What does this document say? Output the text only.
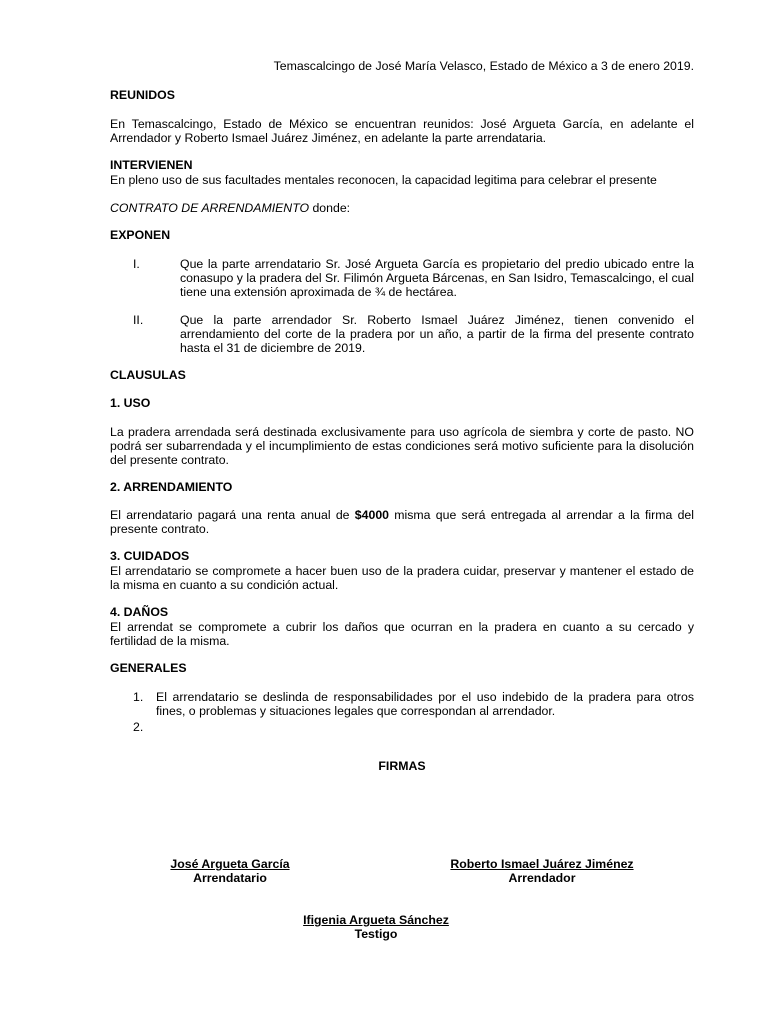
Temascalcingo de José María Velasco, Estado de México a 3 de enero 2019.
REUNIDOS
En Temascalcingo, Estado de México se encuentran reunidos: José Argueta García, en adelante el Arrendador y Roberto Ismael Juárez Jiménez, en adelante la parte arrendataria.
INTERVIENEN
En pleno uso de sus facultades mentales reconocen, la capacidad legitima para celebrar el presente
CONTRATO DE ARRENDAMIENTO donde:
EXPONEN
I.	Que la parte arrendatario Sr. José Argueta García es propietario del predio ubicado entre la conasupo y la pradera del Sr. Filimón Argueta Bárcenas, en San Isidro, Temascalcingo, el cual tiene una extensión aproximada de ¾ de hectárea.
II.	Que la parte arrendador Sr. Roberto Ismael Juárez Jiménez, tienen convenido el arrendamiento del corte de la pradera por un año, a partir de la firma del presente contrato hasta el 31 de diciembre de 2019.
CLAUSULAS
1. USO
La pradera arrendada será destinada exclusivamente para uso agrícola de siembra y corte de pasto. NO podrá ser subarrendada y el incumplimiento de estas condiciones será motivo suficiente para la disolución del presente contrato.
2. ARRENDAMIENTO
El arrendatario pagará una renta anual de $4000 misma que será entregada al arrendar a la firma del presente contrato.
3. CUIDADOS
El arrendatario se compromete a hacer buen uso de la pradera cuidar, preservar y mantener el estado de la misma en cuanto a su condición actual.
4. DAÑOS
El arrendat se compromete a cubrir los daños que ocurran en la pradera en cuanto a su cercado y fertilidad de la misma.
GENERALES
1. El arrendatario se deslinda de responsabilidades por el uso indebido de la pradera para otros fines, o problemas y situaciones legales que correspondan al arrendador.
2.
FIRMAS
José Argueta García
Arrendatario
Roberto Ismael Juárez Jiménez
Arrendador
Ifigenia Argueta Sánchez
Testigo
